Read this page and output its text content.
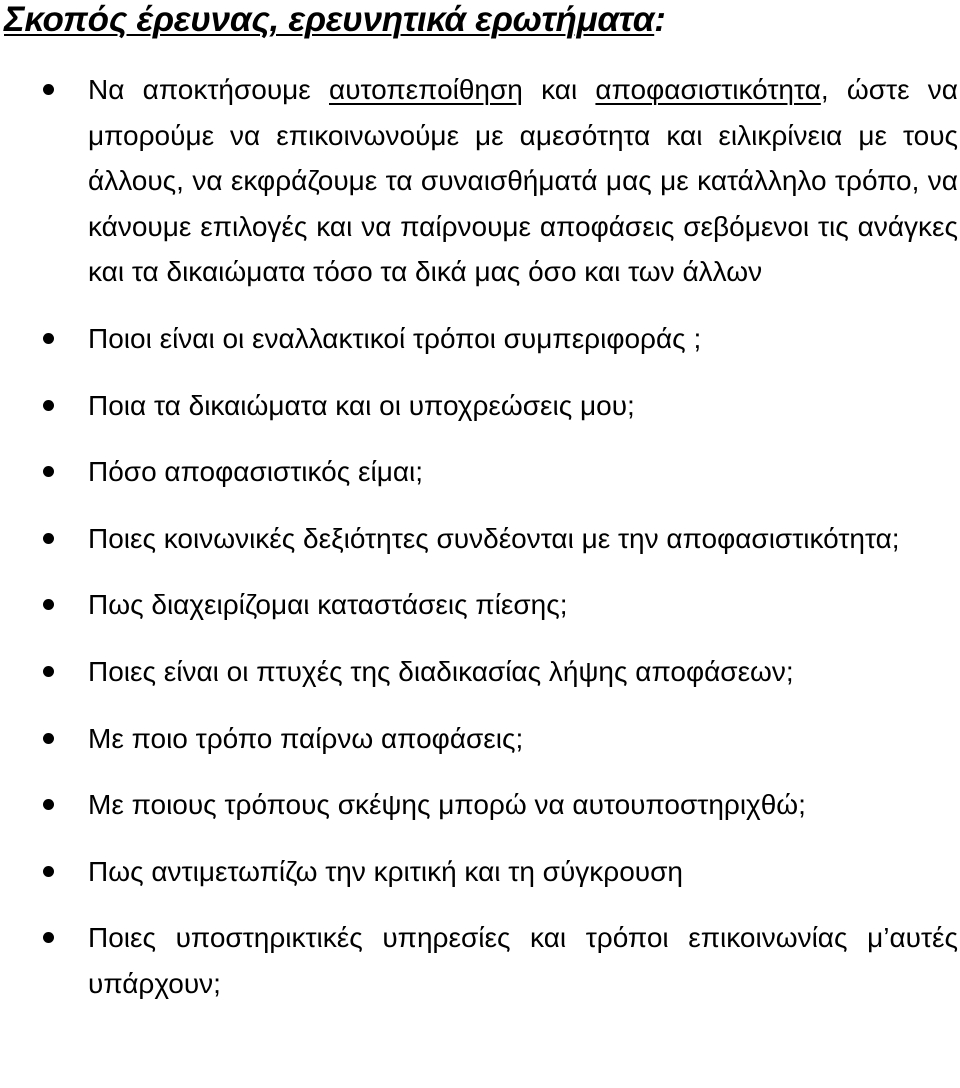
Σκοπός έρευνας, ερευνητικά ερωτήματα:
Να αποκτήσουμε αυτοπεποίθηση και αποφασιστικότητα, ώστε να μπορούμε να επικοινωνούμε με αμεσότητα και ειλικρίνεια με τους άλλους, να εκφράζουμε τα συναισθήματά μας με κατάλληλο τρόπο, να κάνουμε επιλογές και να παίρνουμε αποφάσεις σεβόμενοι τις ανάγκες και τα δικαιώματα τόσο τα δικά μας όσο και των άλλων
Ποιοι είναι οι εναλλακτικοί τρόποι συμπεριφοράς ;
Ποια τα δικαιώματα και οι υποχρεώσεις μου;
Πόσο αποφασιστικός είμαι;
Ποιες κοινωνικές δεξιότητες συνδέονται με την αποφασιστικότητα;
Πως διαχειρίζομαι καταστάσεις πίεσης;
Ποιες είναι οι πτυχές της διαδικασίας λήψης αποφάσεων;
Με ποιο τρόπο παίρνω αποφάσεις;
Με ποιους τρόπους σκέψης μπορώ να αυτουποστηριχθώ;
Πως αντιμετωπίζω την κριτική και τη σύγκρουση
Ποιες υποστηρικτικές υπηρεσίες και τρόποι επικοινωνίας μ’αυτές υπάρχουν;
